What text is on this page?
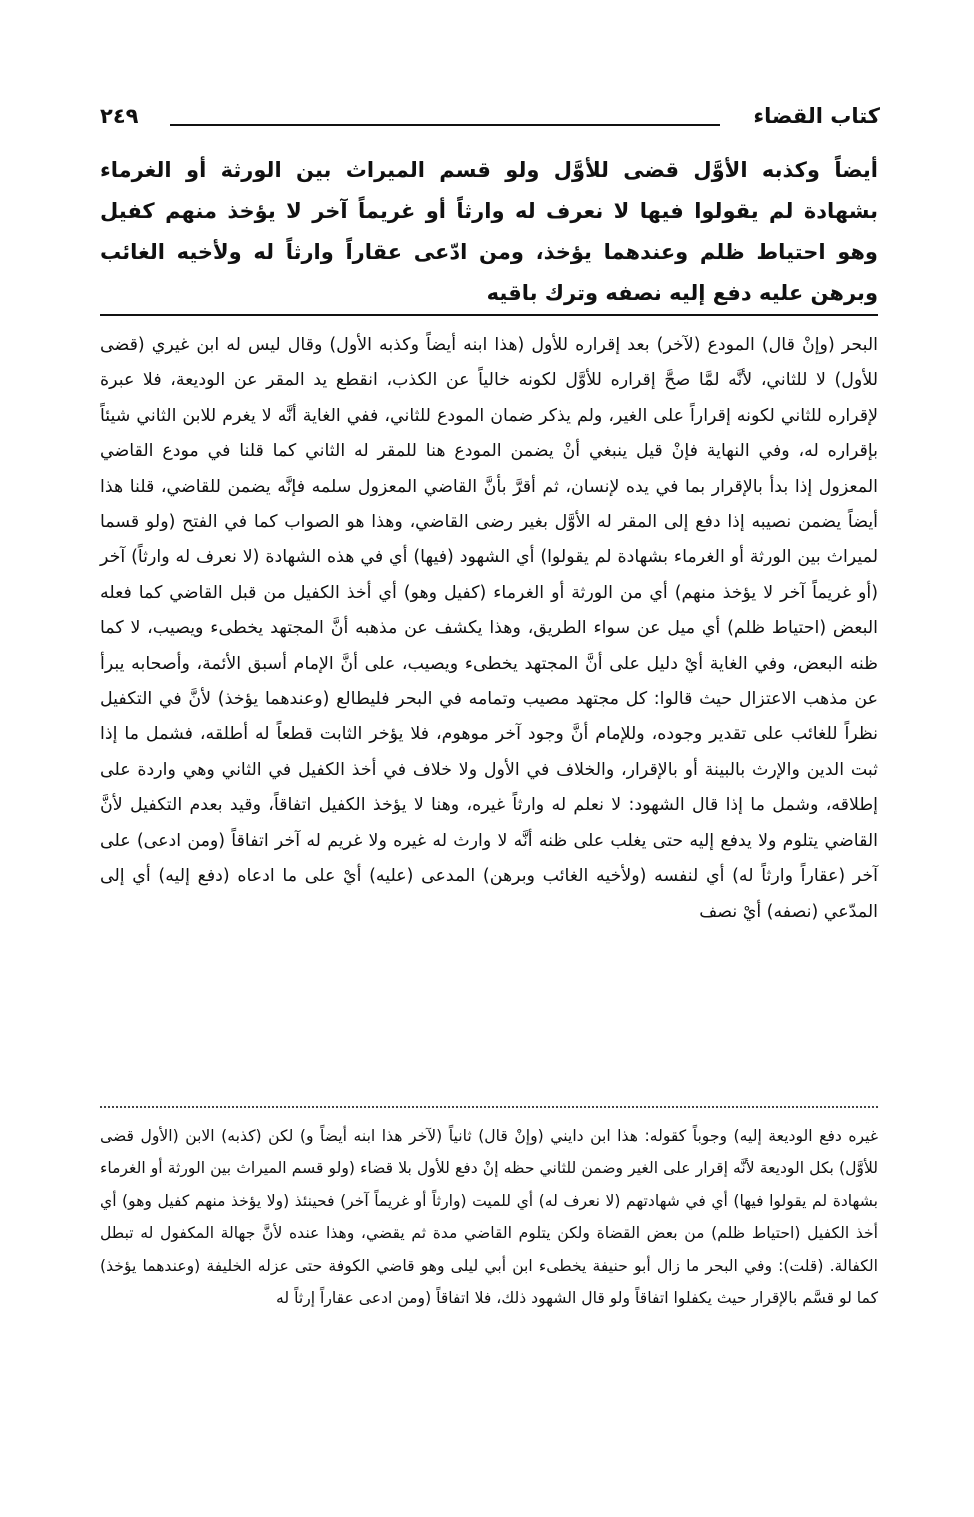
كتاب القضاء
٢٤٩

أيضاً وكذبه الأوَّل قضى للأوَّل ولو قسم الميراث بين الورثة أو الغرماء بشهادة لم يقولوا فيها لا نعرف له وارثاً أو غريماً آخر لا يؤخذ منهم كفيل وهو احتياط ظلم وعندهما يؤخذ، ومن ادّعى عقاراً وارثاً له ولأخيه الغائب وبرهن عليه دفع إليه نصفه وترك باقيه

البحر (وإنْ قال) المودع (لآخر) بعد إقراره للأول (هذا ابنه أيضاً وكذبه الأول) وقال ليس له ابن غيري (قضى للأول) لا للثاني، لأنَّه لمَّا صحَّ إقراره للأوَّل لكونه خالياً عن الكذب، انقطع يد المقر عن الوديعة، فلا عبرة لإقراره للثاني لكونه إقراراً على الغير، ولم يذكر ضمان المودع للثاني، ففي الغاية أنَّه لا يغرم للابن الثاني شيئاً بإقراره له، وفي النهاية فإنْ قيل ينبغي أنْ يضمن المودع هنا للمقر له الثاني كما قلنا في مودع القاضي المعزول إذا بدأ بالإقرار بما في يده لإنسان، ثم أقرَّ بأنَّ القاضي المعزول سلمه فإنَّه يضمن للقاضي، قلنا هذا أيضاً يضمن نصيبه إذا دفع إلى المقر له الأوَّل بغير رضى القاضي، وهذا هو الصواب كما في الفتح (ولو قسما لميراث بين الورثة أو الغرماء بشهادة لم يقولوا) أي الشهود (فيها) أي في هذه الشهادة (لا نعرف له وارثاً) آخر (أو غريماً آخر لا يؤخذ منهم) أي من الورثة أو الغرماء (كفيل وهو) أي أخذ الكفيل من قبل القاضي كما فعله البعض (احتياط ظلم) أي ميل عن سواء الطريق، وهذا يكشف عن مذهبه أنَّ المجتهد يخطىء ويصيب، لا كما ظنه البعض، وفي الغاية أيْ دليل على أنَّ المجتهد يخطىء ويصيب، على أنَّ الإمام أسبق الأئمة، وأصحابه يبرأ عن مذهب الاعتزال حيث قالوا: كل مجتهد مصيب وتمامه في البحر فليطالع (وعندهما يؤخذ) لأنَّ في التكفيل نظراً للغائب على تقدير وجوده، وللإمام أنَّ وجود آخر موهوم، فلا يؤخر الثابت قطعاً له أطلقه، فشمل ما إذا ثبت الدين والإرث بالبينة أو بالإقرار، والخلاف في الأول ولا خلاف في أخذ الكفيل في الثاني وهي واردة على إطلاقه، وشمل ما إذا قال الشهود: لا نعلم له وارثاً غيره، وهنا لا يؤخذ الكفيل اتفاقاً، وقيد بعدم التكفيل لأنَّ القاضي يتلوم ولا يدفع إليه حتى يغلب على ظنه أنَّه لا وارث له غيره ولا غريم له آخر اتفاقاً (ومن ادعى) على آخر (عقاراً وارثاً له) أي لنفسه (ولأخيه الغائب وبرهن) المدعى (عليه) أيْ على ما ادعاه (دفع إليه) أي إلى المدّعي (نصفه) أيْ نصف

غيره دفع الوديعة إليه) وجوباً كقوله: هذا ابن دايني (وإنْ قال) ثانياً (لآخر هذا ابنه أيضاً و) لكن (كذبه) الابن (الأول قضى للأوَّل) بكل الوديعة لأنَّه إقرار على الغير وضمن للثاني حظه إنْ دفع للأول بلا قضاء (ولو قسم الميراث بين الورثة أو الغرماء بشهادة لم يقولوا فيها) أي في شهادتهم (لا نعرف له) أي للميت (وارثاً أو غريماً آخر) فحينئذ (ولا يؤخذ منهم كفيل وهو) أي أخذ الكفيل (احتياط ظلم) من بعض القضاة ولكن يتلوم القاضي مدة ثم يقضي، وهذا عنده لأنَّ جهالة المكفول له تبطل الكفالة. (قلت): وفي البحر ما زال أبو حنيفة يخطىء ابن أبي ليلى وهو قاضي الكوفة حتى عزله الخليفة (وعندهما يؤخذ) كما لو قسَّم بالإقرار حيث يكفلوا اتفاقاً ولو قال الشهود ذلك، فلا اتفاقاً (ومن ادعى عقاراً إرثاً له
